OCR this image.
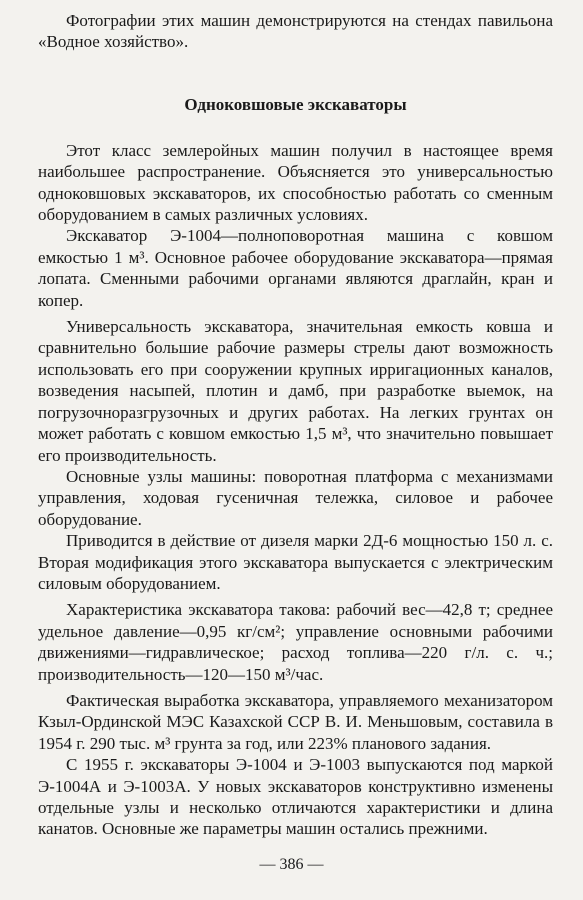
Фотографии этих машин демонстрируются на стендах павильона «Водное хозяйство».

Одноковшовые экскаваторы

Этот класс землеройных машин получил в настоящее время наибольшее распространение. Объясняется это универсальностью одноковшовых экскаваторов, их способностью работать со сменным оборудованием в самых различных условиях.

Экскаватор Э-1004—полноповоротная машина с ковшом емкостью 1 м³. Основное рабочее оборудование экскаватора—прямая лопата. Сменными рабочими органами являются драглайн, кран и копер.

Универсальность экскаватора, значительная емкость ковша и сравнительно большие рабочие размеры стрелы дают возможность использовать его при сооружении крупных ирригационных каналов, возведения насыпей, плотин и дамб, при разработке выемок, на погрузочноразгрузочных и других работах. На легких грунтах он может работать с ковшом емкостью 1,5 м³, что значительно повышает его производительность.

Основные узлы машины: поворотная платформа с механизмами управления, ходовая гусеничная тележка, силовое и рабочее оборудование.

Приводится в действие от дизеля марки 2Д-6 мощностью 150 л. с. Вторая модификация этого экскаватора выпускается с электрическим силовым оборудованием.

Характеристика экскаватора такова: рабочий вес—42,8 т; среднее удельное давление—0,95 кг/см²; управление основными рабочими движениями—гидравлическое; расход топлива—220 г/л. с. ч.; производительность—120—150 м³/час.

Фактическая выработка экскаватора, управляемого механизатором Кзыл-Ординской МЭС Казахской ССР В. И. Меньшовым, составила в 1954 г. 290 тыс. м³ грунта за год, или 223% планового задания.

С 1955 г. экскаваторы Э-1004 и Э-1003 выпускаются под маркой Э-1004А и Э-1003А. У новых экскаваторов конструктивно изменены отдельные узлы и несколько отличаются характеристики и длина канатов. Основные же параметры машин остались прежними.

— 386 —
